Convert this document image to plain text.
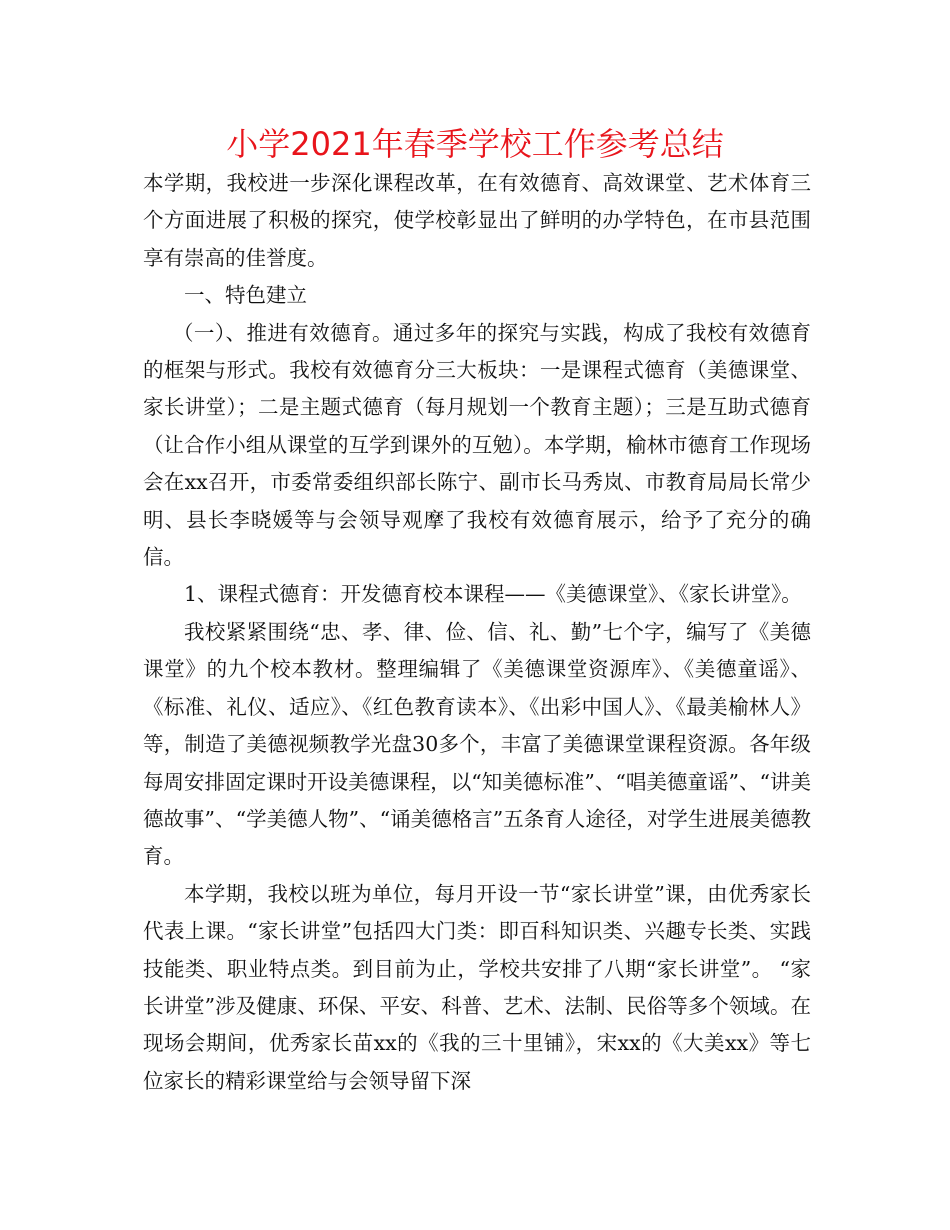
小学2021年春季学校工作参考总结

本学期，我校进一步深化课程改革，在有效德育、高效课堂、艺术体育三个方面进展了积极的探究，使学校彰显出了鲜明的办学特色，在市县范围享有崇高的佳誉度。

一、特色建立

（一）、推进有效德育。通过多年的探究与实践，构成了我校有效德育的框架与形式。我校有效德育分三大板块：一是课程式德育（美德课堂、家长讲堂）；二是主题式德育（每月规划一个教育主题）；三是互助式德育（让合作小组从课堂的互学到课外的互勉）。本学期，榆林市德育工作现场会在xx召开，市委常委组织部长陈宁、副市长马秀岚、市教育局局长常少明、县长李晓媛等与会领导观摩了我校有效德育展示，给予了充分的确信。

1、课程式德育：开发德育校本课程——《美德课堂》、《家长讲堂》。

我校紧紧围绕“忠、孝、律、俭、信、礼、勤”七个字，编写了《美德课堂》的九个校本教材。整理编辑了《美德课堂资源库》、《美德童谣》、《标准、礼仪、适应》、《红色教育读本》、《出彩中国人》、《最美榆林人》等，制造了美德视频教学光盘30多个，丰富了美德课堂课程资源。各年级每周安排固定课时开设美德课程，以“知美德标准”、“唱美德童谣”、“讲美德故事”、“学美德人物”、“诵美德格言”五条育人途径，对学生进展美德教育。

本学期，我校以班为单位，每月开设一节“家长讲堂”课，由优秀家长代表上课。“家长讲堂”包括四大门类：即百科知识类、兴趣专长类、实践技能类、职业特点类。到目前为止，学校共安排了八期“家长讲堂”。 “家长讲堂”涉及健康、环保、平安、科普、艺术、法制、民俗等多个领域。在现场会期间，优秀家长苗xx的《我的三十里铺》，宋xx的《大美xx》等七位家长的精彩课堂给与会领导留下深
